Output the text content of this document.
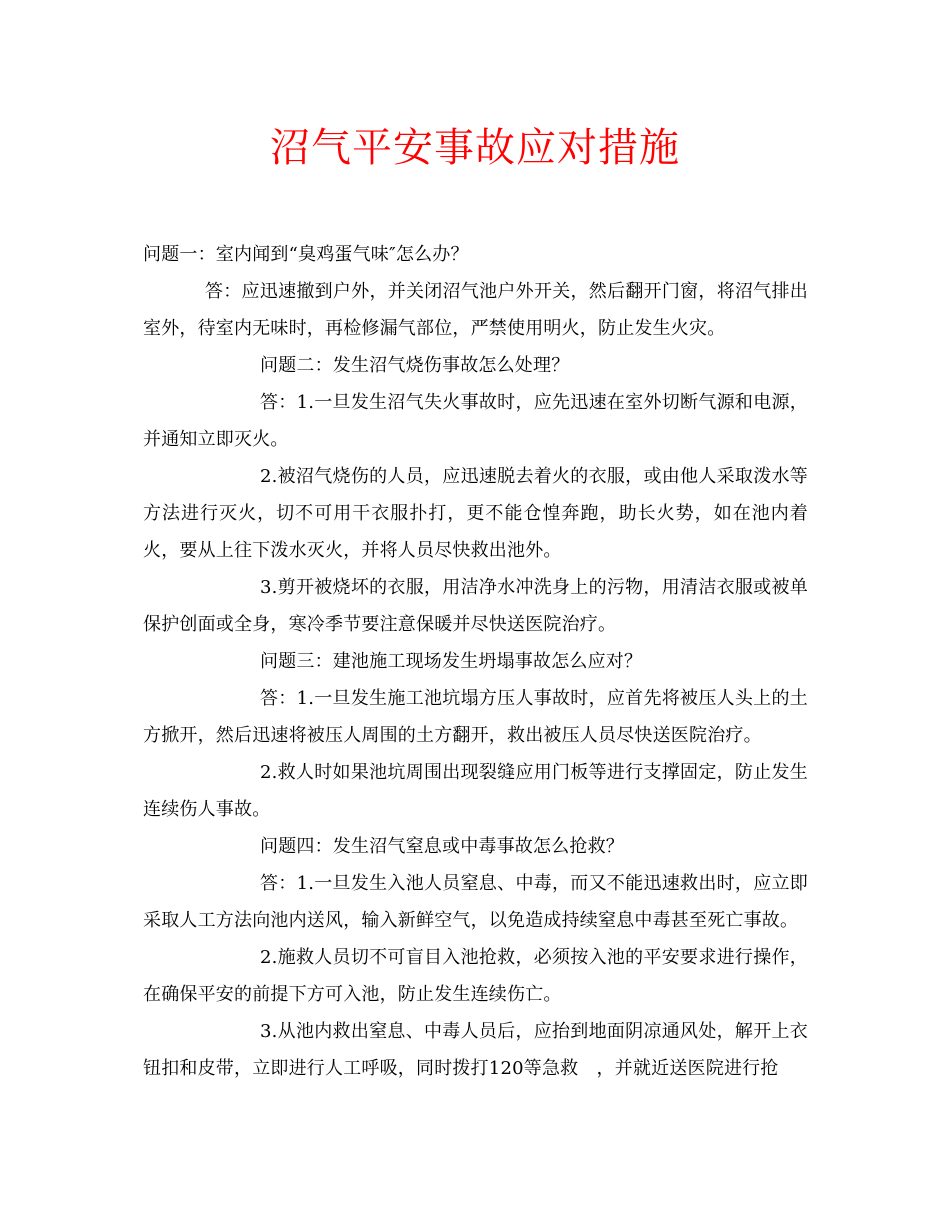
沼气平安事故应对措施

问题一：室内闻到“臭鸡蛋气味″怎么办？

答：应迅速撤到户外，并关闭沼气池户外开关，然后翻开门窗，将沼气排出室外，待室内无味时，再检修漏气部位，严禁使用明火，防止发生火灾。

问题二：发生沼气烧伤事故怎么处理？

答：1.一旦发生沼气失火事故时，应先迅速在室外切断气源和电源，并通知立即灭火。

2.被沼气烧伤的人员，应迅速脱去着火的衣服，或由他人采取泼水等方法进行灭火，切不可用干衣服扑打，更不能仓惶奔跑，助长火势，如在池内着火，要从上往下泼水灭火，并将人员尽快救出池外。

3.剪开被烧坏的衣服，用洁净水冲洗身上的污物，用清洁衣服或被单保护创面或全身，寒冷季节要注意保暖并尽快送医院治疗。

问题三：建池施工现场发生坍塌事故怎么应对？

答：1.一旦发生施工池坑塌方压人事故时，应首先将被压人头上的土方掀开，然后迅速将被压人周围的土方翻开，救出被压人员尽快送医院治疗。

2.救人时如果池坑周围出现裂缝应用门板等进行支撑固定，防止发生连续伤人事故。

问题四：发生沼气窒息或中毒事故怎么抢救？

答：1.一旦发生入池人员窒息、中毒，而又不能迅速救出时，应立即采取人工方法向池内送风，输入新鲜空气，以免造成持续窒息中毒甚至死亡事故。

2.施救人员切不可盲目入池抢救，必须按入池的平安要求进行操作，在确保平安的前提下方可入池，防止发生连续伤亡。

3.从池内救出窒息、中毒人员后，应抬到地面阴凉通风处，解开上衣钮扣和皮带，立即进行人工呼吸，同时拨打120等急救　，并就近送医院进行抢
